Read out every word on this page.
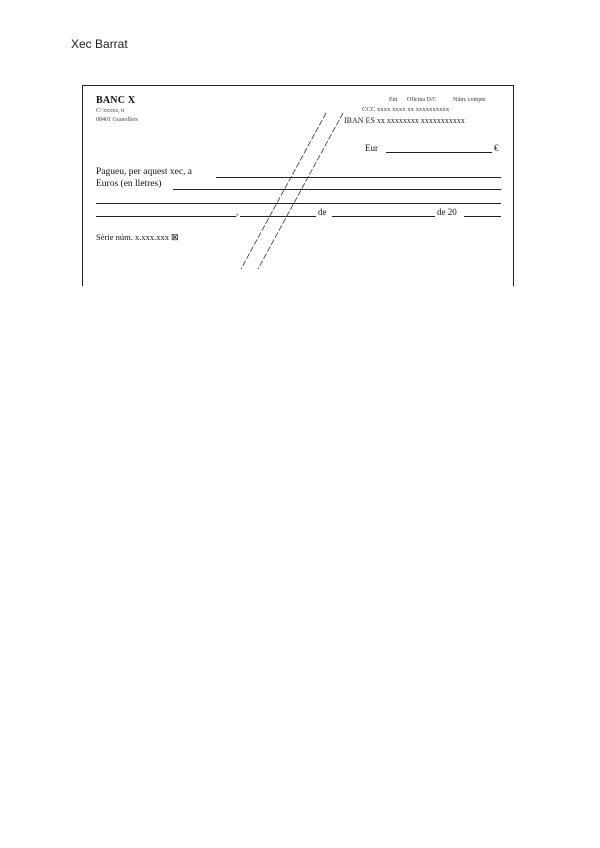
Xec Barrat
BANC X
C/ xxxxx, n
08401 Granollers
Ent Oficina D/C	Núm. compte
CCC xxxx xxxx xx xxxxxxxxxx
IBAN ES xx xxxxxxxx xxxxxxxxxxx
Eur	€
Pagueu, per aquest xec, a
Euros (en lletres)
,	de	de 20
Sèrie núm. x.xxx.xxx ⊠
